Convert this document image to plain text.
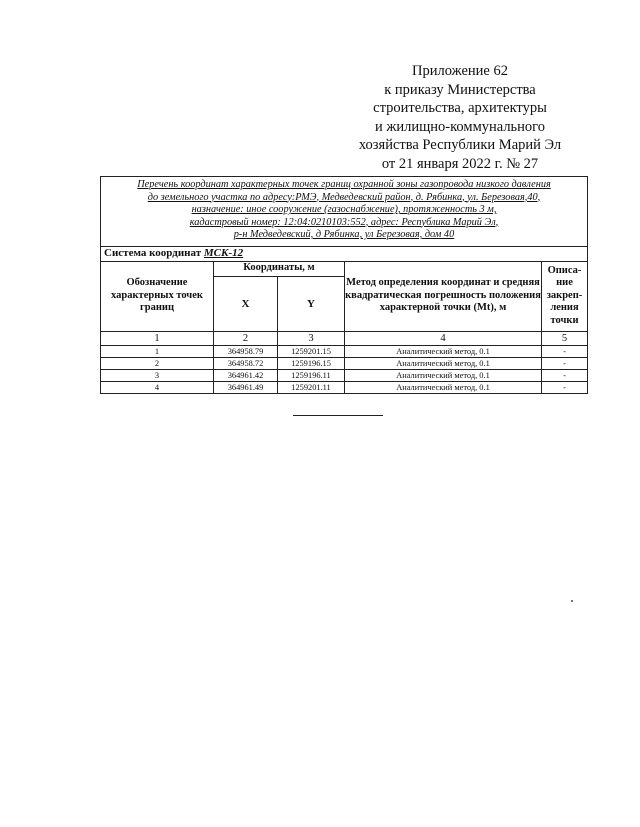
Приложение 62
к приказу Министерства
строительства, архитектуры
и жилищно-коммунального
хозяйства Республики Марий Эл
от 21 января 2022 г. № 27
Перечень координат характерных точек границ охранной зоны газопровода низкого давления
до земельного участка по адресу:РМЭ, Медведевский район, д. Рябинка, ул. Березовая,40,
назначение: иное сооружение (газоснабжение), протяженность 3 м,
кадастровый номер: 12:04:0210103:552, адрес: Республика Марий Эл,
р-н Медведевский, д Рябинка, ул Березовая, дом 40				

Система координат МСК-12				
Обозначение характерных точек границ	Координаты, м		Метод определения координат и средняя квадратическая погрешность положения характерной точки (Mt), м	Описа-ние закреп-ления точки
	X	Y		
1	2	3	4	5
1	364958.79	1259201.15	Аналитический метод, 0.1	-
2	364958.72	1259196.15	Аналитический метод, 0.1	-
3	364961.42	1259196.11	Аналитический метод, 0.1	-
4	364961.49	1259201.11	Аналитический метод, 0.1	-
